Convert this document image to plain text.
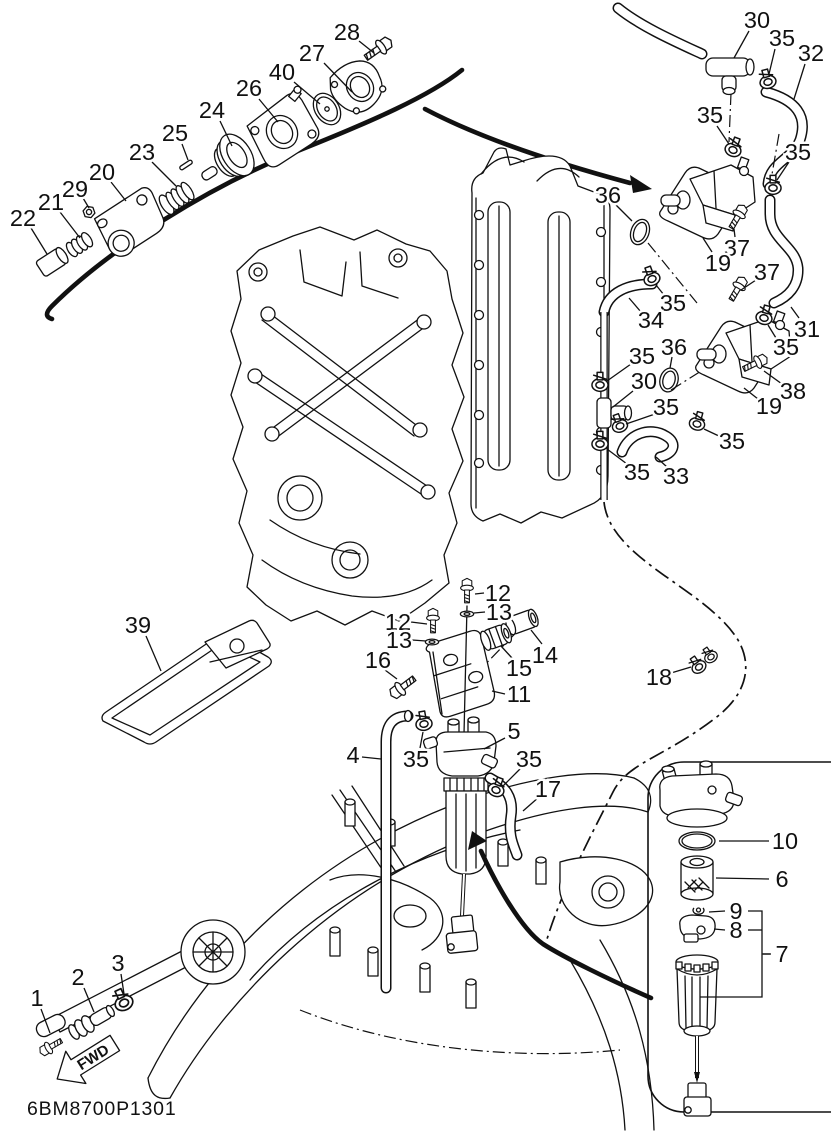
FWD
6BM8700P1301
28
27
40
26
24
25
23
20
29
21
22
30
35
32
35
35
36
37
19 37
35
34	31
35
36
35
30	38
19
35
35
35 33
12
13
12
13
14
15
16
11
5
4 35	35
17
18
39
1
2
3
10
6
9
8
7
